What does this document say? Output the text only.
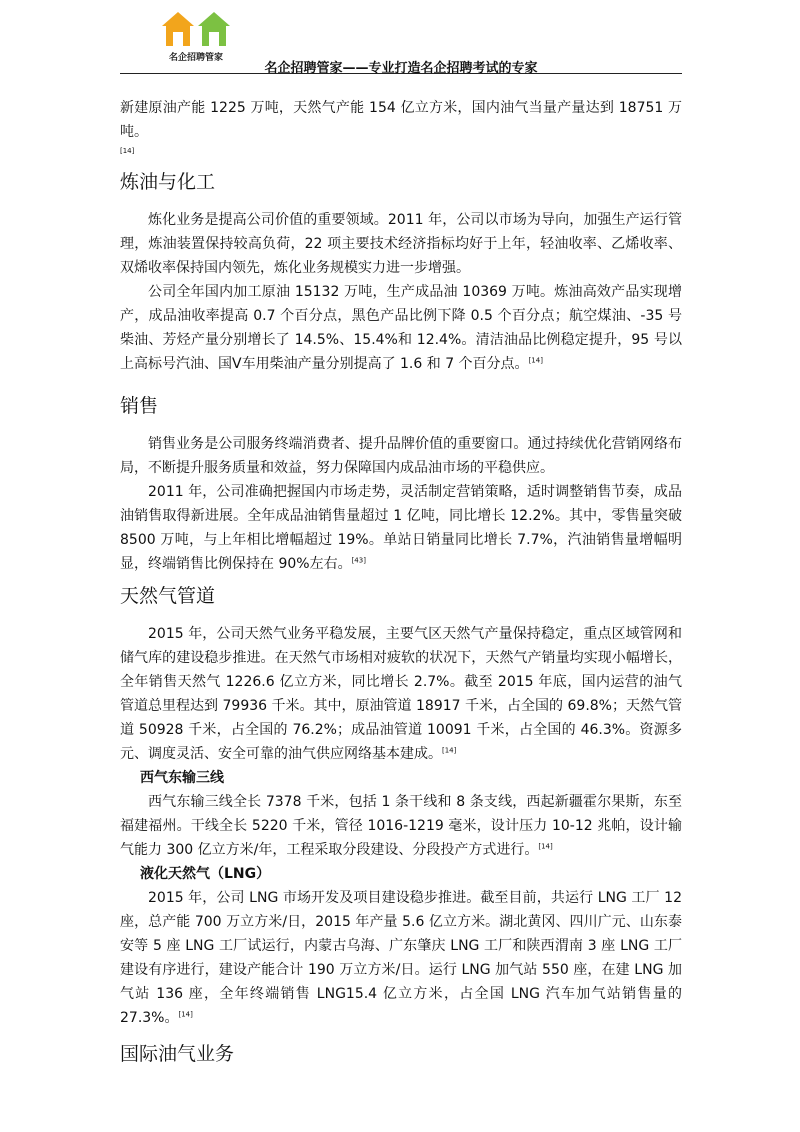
名企招聘管家
名企招聘管家——专业打造名企招聘考试的专家

新建原油产能 1225 万吨，天然气产能 154 亿立方米，国内油气当量产量达到 18751 万吨。

[14]
炼油与化工

炼化业务是提高公司价值的重要领域。2011 年，公司以市场为导向，加强生产运行管理，炼油装置保持较高负荷，22 项主要技术经济指标均好于上年，轻油收率、乙烯收率、双烯收率保持国内领先，炼化业务规模实力进一步增强。

公司全年国内加工原油 15132 万吨，生产成品油 10369 万吨。炼油高效产品实现增产，成品油收率提高 0.7 个百分点，黑色产品比例下降 0.5 个百分点；航空煤油、-35 号柴油、芳烃产量分别增长了 14.5%、15.4%和 12.4%。清洁油品比例稳定提升，95 号以上高标号汽油、国Ⅴ车用柴油产量分别提高了 1.6 和 7 个百分点。[14]

销售

销售业务是公司服务终端消费者、提升品牌价值的重要窗口。通过持续优化营销网络布局，不断提升服务质量和效益，努力保障国内成品油市场的平稳供应。

2011 年，公司准确把握国内市场走势，灵活制定营销策略，适时调整销售节奏，成品油销售取得新进展。全年成品油销售量超过 1 亿吨，同比增长 12.2%。其中，零售量突破 8500 万吨，与上年相比增幅超过 19%。单站日销量同比增长 7.7%，汽油销售量增幅明显，终端销售比例保持在 90%左右。[43]

天然气管道

2015 年，公司天然气业务平稳发展，主要气区天然气产量保持稳定，重点区域管网和储气库的建设稳步推进。在天然气市场相对疲软的状况下，天然气产销量均实现小幅增长，全年销售天然气 1226.6 亿立方米，同比增长 2.7%。截至 2015 年底，国内运营的油气管道总里程达到 79936 千米。其中，原油管道 18917 千米，占全国的 69.8%；天然气管道 50928 千米，占全国的 76.2%；成品油管道 10091 千米，占全国的 46.3%。资源多元、调度灵活、安全可靠的油气供应网络基本建成。[14]

西气东输三线

西气东输三线全长 7378 千米，包括 1 条干线和 8 条支线，西起新疆霍尔果斯，东至福建福州。干线全长 5220 千米，管径 1016-1219 毫米，设计压力 10-12 兆帕，设计输气能力 300 亿立方米/年，工程采取分段建设、分段投产方式进行。[14]

液化天然气（LNG）

2015 年，公司 LNG 市场开发及项目建设稳步推进。截至目前，共运行 LNG 工厂 12 座，总产能 700 万立方米/日，2015 年产量 5.6 亿立方米。湖北黄冈、四川广元、山东泰安等 5 座 LNG 工厂试运行，内蒙古乌海、广东肇庆 LNG 工厂和陕西渭南 3 座 LNG 工厂建设有序进行，建设产能合计 190 万立方米/日。运行 LNG 加气站 550 座，在建 LNG 加气站 136 座，全年终端销售 LNG15.4 亿立方米，占全国 LNG 汽车加气站销售量的 27.3%。[14]

国际油气业务
